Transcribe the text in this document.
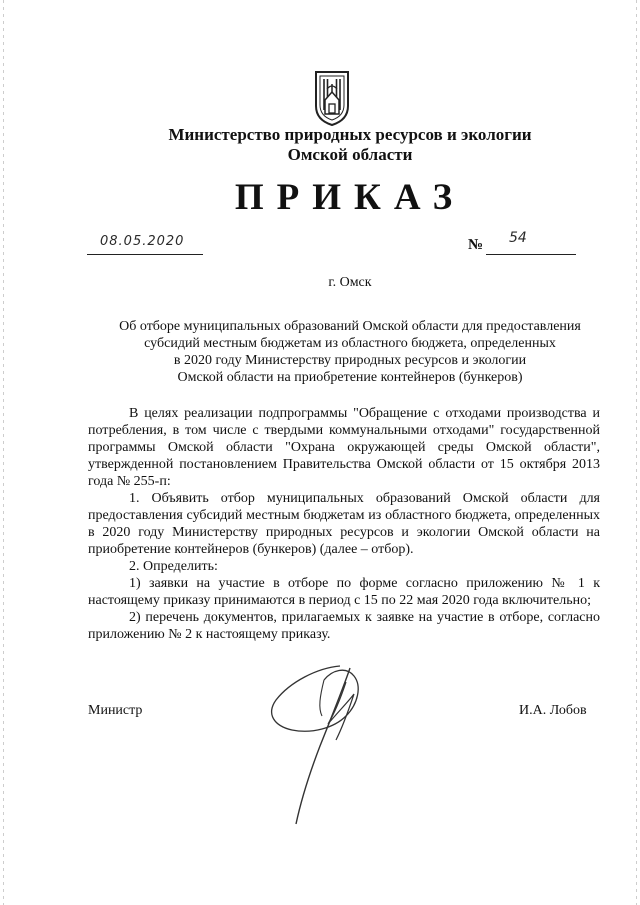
Министерство природных ресурсов и экологии
Омской области
ПРИКАЗ
08.05.2020	№ 54
г. Омск
Об отборе муниципальных образований Омской области для предоставления
субсидий местным бюджетам из областного бюджета, определенных
в 2020 году Министерству природных ресурсов и экологии
Омской области на приобретение контейнеров (бункеров)
В целях реализации подпрограммы "Обращение с отходами производства и потребления, в том числе с твердыми коммунальными отходами" государственной программы Омской области "Охрана окружающей среды Омской области", утвержденной постановлением Правительства Омской области от 15 октября 2013 года № 255-п:
1. Объявить отбор муниципальных образований Омской области для предоставления субсидий местным бюджетам из областного бюджета, определенных в 2020 году Министерству природных ресурсов и экологии Омской области на приобретение контейнеров (бункеров) (далее – отбор).
2. Определить:
1) заявки на участие в отборе по форме согласно приложению № 1 к настоящему приказу принимаются в период с 15 по 22 мая 2020 года включительно;
2) перечень документов, прилагаемых к заявке на участие в отборе, согласно приложению № 2 к настоящему приказу.
Министр	И.А. Лобов
